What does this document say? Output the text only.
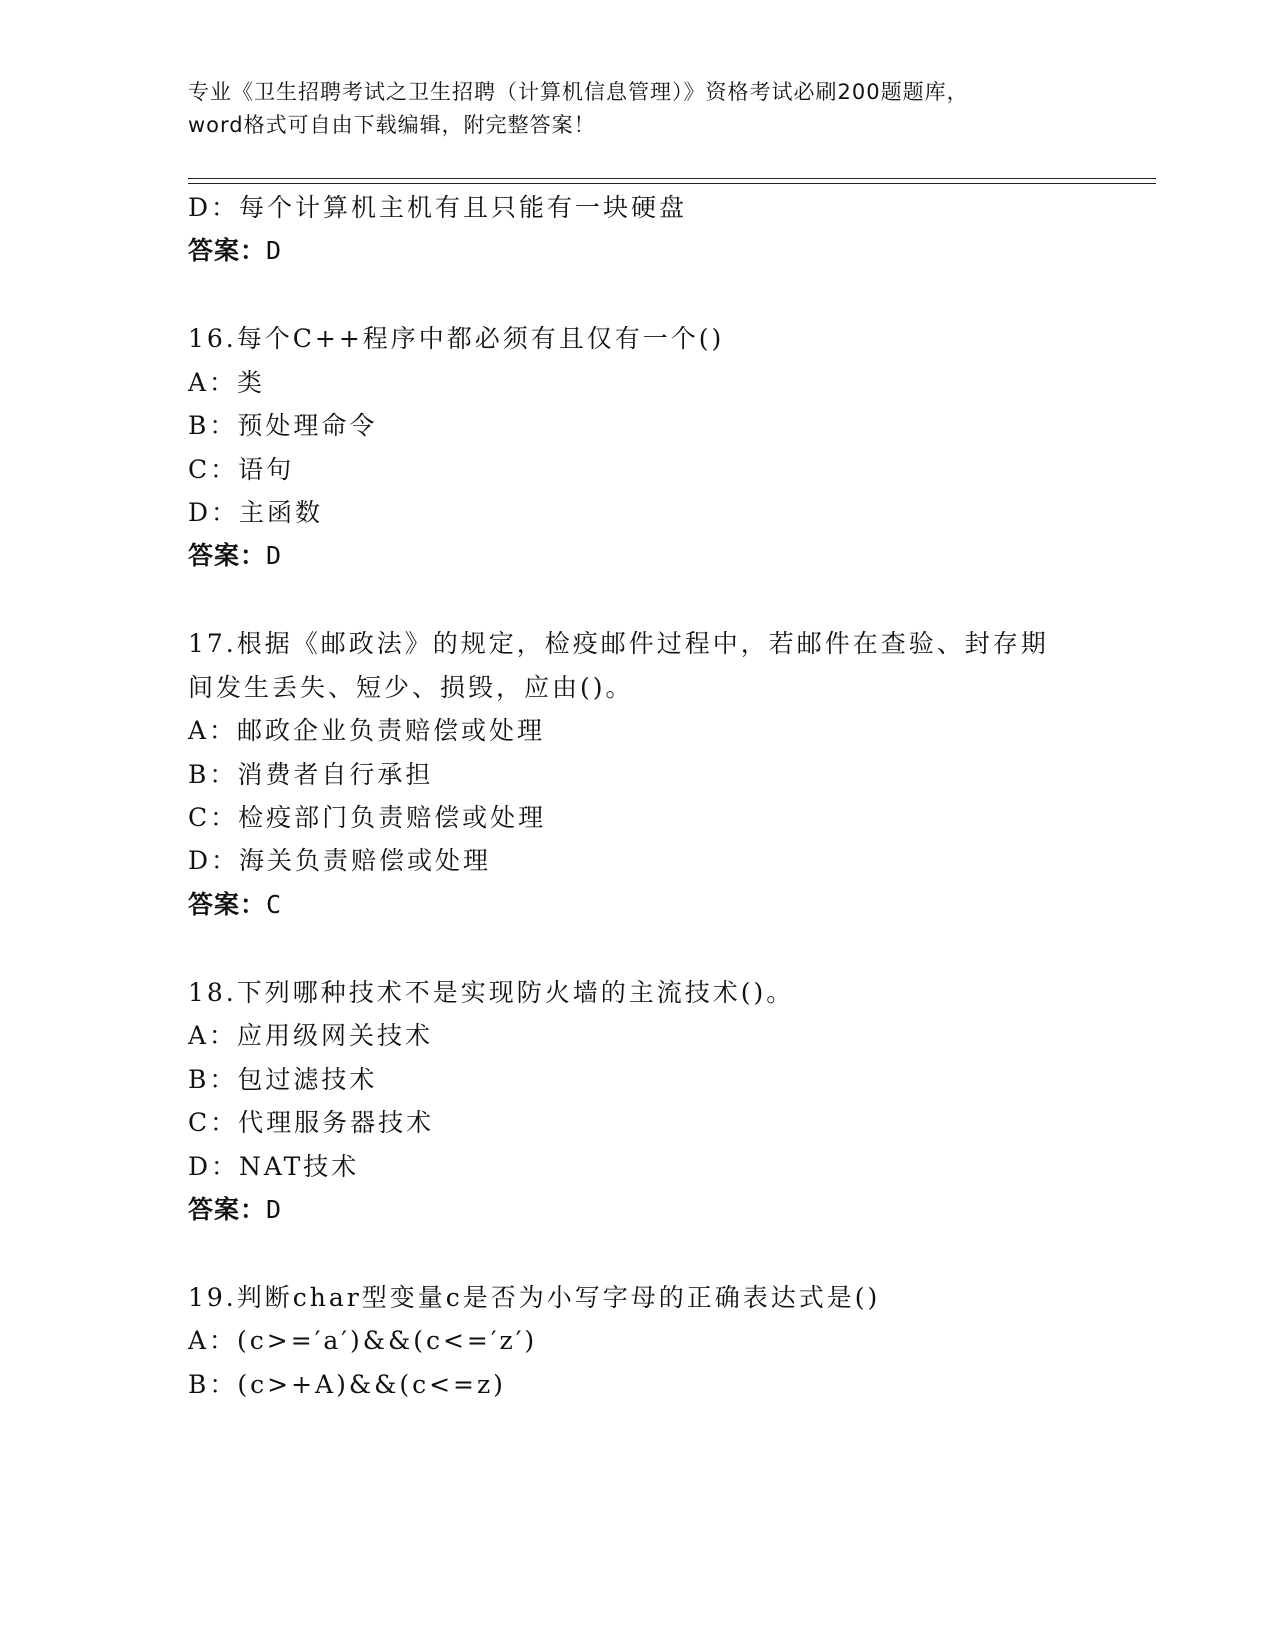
专业《卫生招聘考试之卫生招聘（计算机信息管理）》资格考试必刷200题题库，
word格式可自由下载编辑，附完整答案！
D：每个计算机主机有且只能有一块硬盘
答案：D
16.每个C++程序中都必须有且仅有一个()
A：类
B：预处理命令
C：语句
D：主函数
答案：D
17.根据《邮政法》的规定，检疫邮件过程中，若邮件在查验、封存期
间发生丢失、短少、损毁，应由()。
A：邮政企业负责赔偿或处理
B：消费者自行承担
C：检疫部门负责赔偿或处理
D：海关负责赔偿或处理
答案：C
18.下列哪种技术不是实现防火墙的主流技术()。
A：应用级网关技术
B：包过滤技术
C：代理服务器技术
D：NAT技术
答案：D
19.判断char型变量c是否为小写字母的正确表达式是()
A：(c>=′a′)&&(c<=′z′)
B：(c>+A)&&(c<=z)
